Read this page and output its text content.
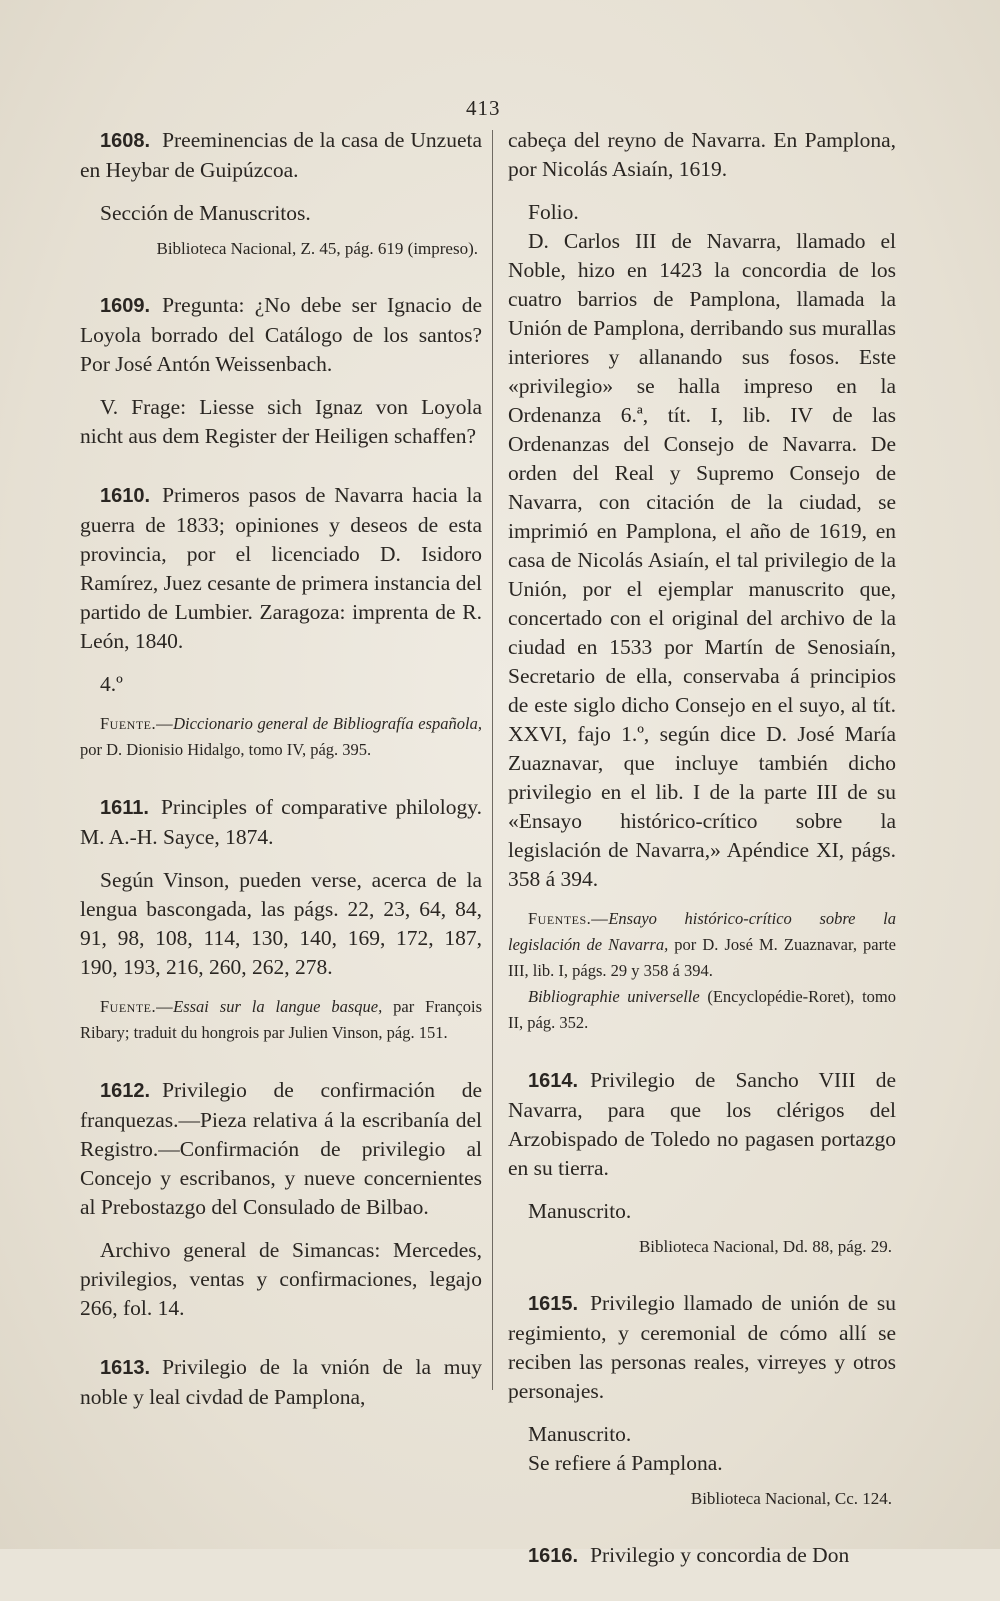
413

1608. Preeminencias de la casa de Unzueta en Heybar de Guipúzcoa.

Sección de Manuscritos.

Biblioteca Nacional, Z. 45, pág. 619 (impreso).

1609. Pregunta: ¿No debe ser Ignacio de Loyola borrado del Catálogo de los santos? Por José Antón Weissenbach.

V. Frage: Liesse sich Ignaz von Loyola nicht aus dem Register der Heiligen schaffen?

1610. Primeros pasos de Navarra hacia la guerra de 1833; opiniones y deseos de esta provincia, por el licenciado D. Isidoro Ramírez, Juez cesante de primera instancia del partido de Lumbier. Zaragoza: imprenta de R. León, 1840.

4.º

Fuente.—Diccionario general de Bibliografía española, por D. Dionisio Hidalgo, tomo IV, pág. 395.

1611. Principles of comparative philology. M. A.-H. Sayce, 1874.

Según Vinson, pueden verse, acerca de la lengua bascongada, las págs. 22, 23, 64, 84, 91, 98, 108, 114, 130, 140, 169, 172, 187, 190, 193, 216, 260, 262, 278.

Fuente.—Essai sur la langue basque, par François Ribary; traduit du hongrois par Julien Vinson, pág. 151.

1612. Privilegio de confirmación de franquezas.—Pieza relativa á la escribanía del Registro.—Confirmación de privilegio al Concejo y escribanos, y nueve concernientes al Prebostazgo del Consulado de Bilbao.

Archivo general de Simancas: Mercedes, privilegios, ventas y confirmaciones, legajo 266, fol. 14.

1613. Privilegio de la vnión de la muy noble y leal civdad de Pamplona,

cabeça del reyno de Navarra. En Pamplona, por Nicolás Asiaín, 1619.

Folio.

D. Carlos III de Navarra, llamado el Noble, hizo en 1423 la concordia de los cuatro barrios de Pamplona, llamada la Unión de Pamplona, derribando sus murallas interiores y allanando sus fosos. Este «privilegio» se halla impreso en la Ordenanza 6.ª, tít. I, lib. IV de las Ordenanzas del Consejo de Navarra. De orden del Real y Supremo Consejo de Navarra, con citación de la ciudad, se imprimió en Pamplona, el año de 1619, en casa de Nicolás Asiaín, el tal privilegio de la Unión, por el ejemplar manuscrito que, concertado con el original del archivo de la ciudad en 1533 por Martín de Senosiaín, Secretario de ella, conservaba á principios de este siglo dicho Consejo en el suyo, al tít. XXVI, fajo 1.º, según dice D. José María Zuaznavar, que incluye también dicho privilegio en el lib. I de la parte III de su «Ensayo histórico-crítico sobre la legislación de Navarra,» Apéndice XI, págs. 358 á 394.

Fuentes.—Ensayo histórico-crítico sobre la legislación de Navarra, por D. José M. Zuaznavar, parte III, lib. I, págs. 29 y 358 á 394.

Bibliographie universelle (Encyclopédie-Roret), tomo II, pág. 352.

1614. Privilegio de Sancho VIII de Navarra, para que los clérigos del Arzobispado de Toledo no pagasen portazgo en su tierra.

Manuscrito.

Biblioteca Nacional, Dd. 88, pág. 29.

1615. Privilegio llamado de unión de su regimiento, y ceremonial de cómo allí se reciben las personas reales, virreyes y otros personajes.

Manuscrito.

Se refiere á Pamplona.

Biblioteca Nacional, Cc. 124.

1616. Privilegio y concordia de Don
